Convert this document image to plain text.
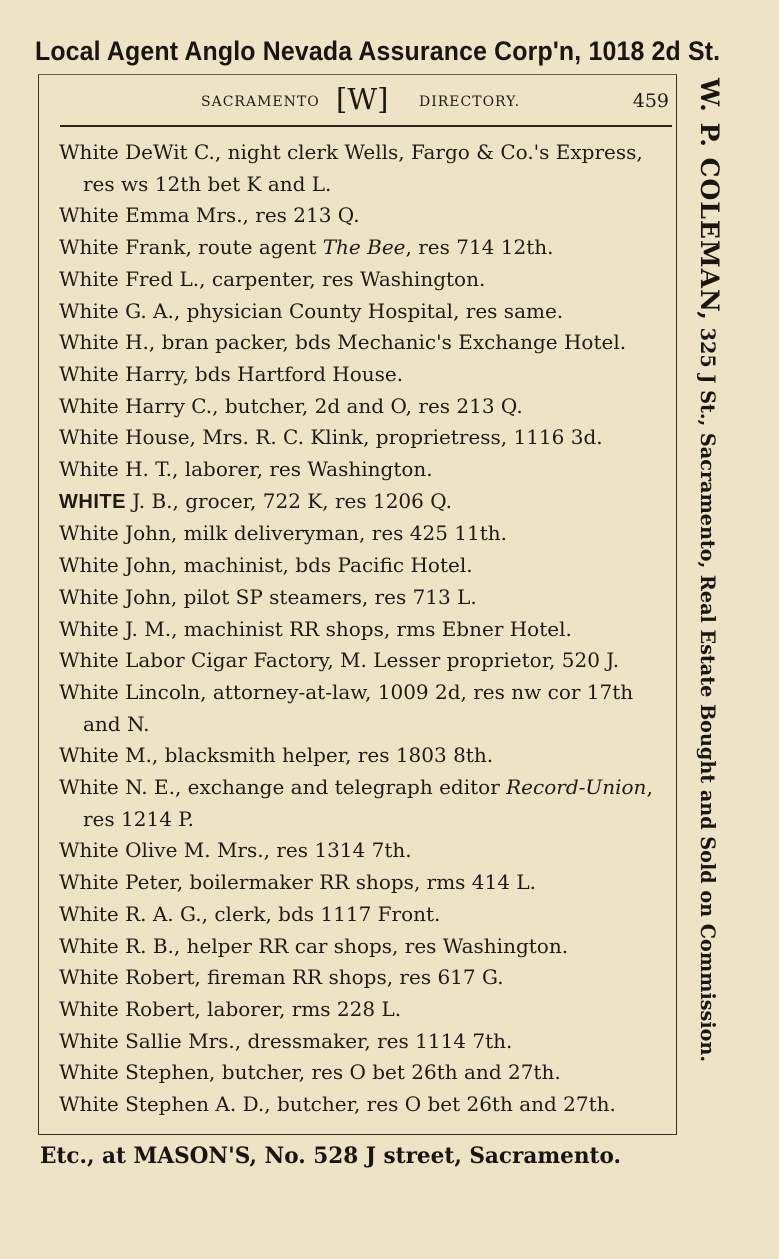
Local Agent Anglo Nevada Assurance Corp'n, 1018 2d St.
SACRAMENTO [W] DIRECTORY.	459
White DeWit C., night clerk Wells, Fargo & Co.'s Express, res ws 12th bet K and L.
White Emma Mrs., res 213 Q.
White Frank, route agent The Bee, res 714 12th.
White Fred L., carpenter, res Washington.
White G. A., physician County Hospital, res same.
White H., bran packer, bds Mechanic's Exchange Hotel.
White Harry, bds Hartford House.
White Harry C., butcher, 2d and O, res 213 Q.
White House, Mrs. R. C. Klink, proprietress, 1116 3d.
White H. T., laborer, res Washington.
WHITE J. B., grocer, 722 K, res 1206 Q.
White John, milk deliveryman, res 425 11th.
White John, machinist, bds Pacific Hotel.
White John, pilot SP steamers, res 713 L.
White J. M., machinist RR shops, rms Ebner Hotel.
White Labor Cigar Factory, M. Lesser proprietor, 520 J.
White Lincoln, attorney-at-law, 1009 2d, res nw cor 17th and N.
White M., blacksmith helper, res 1803 8th.
White N. E., exchange and telegraph editor Record-Union, res 1214 P.
White Olive M. Mrs., res 1314 7th.
White Peter, boilermaker RR shops, rms 414 L.
White R. A. G., clerk, bds 1117 Front.
White R. B., helper RR car shops, res Washington.
White Robert, fireman RR shops, res 617 G.
White Robert, laborer, rms 228 L.
White Sallie Mrs., dressmaker, res 1114 7th.
White Stephen, butcher, res O bet 26th and 27th.
White Stephen A. D., butcher, res O bet 26th and 27th.
W. P. COLEMAN, 325 J St., Sacramento, Real Estate Bought and Sold on Commission.
Etc., at MASON'S, No. 528 J street, Sacramento.
